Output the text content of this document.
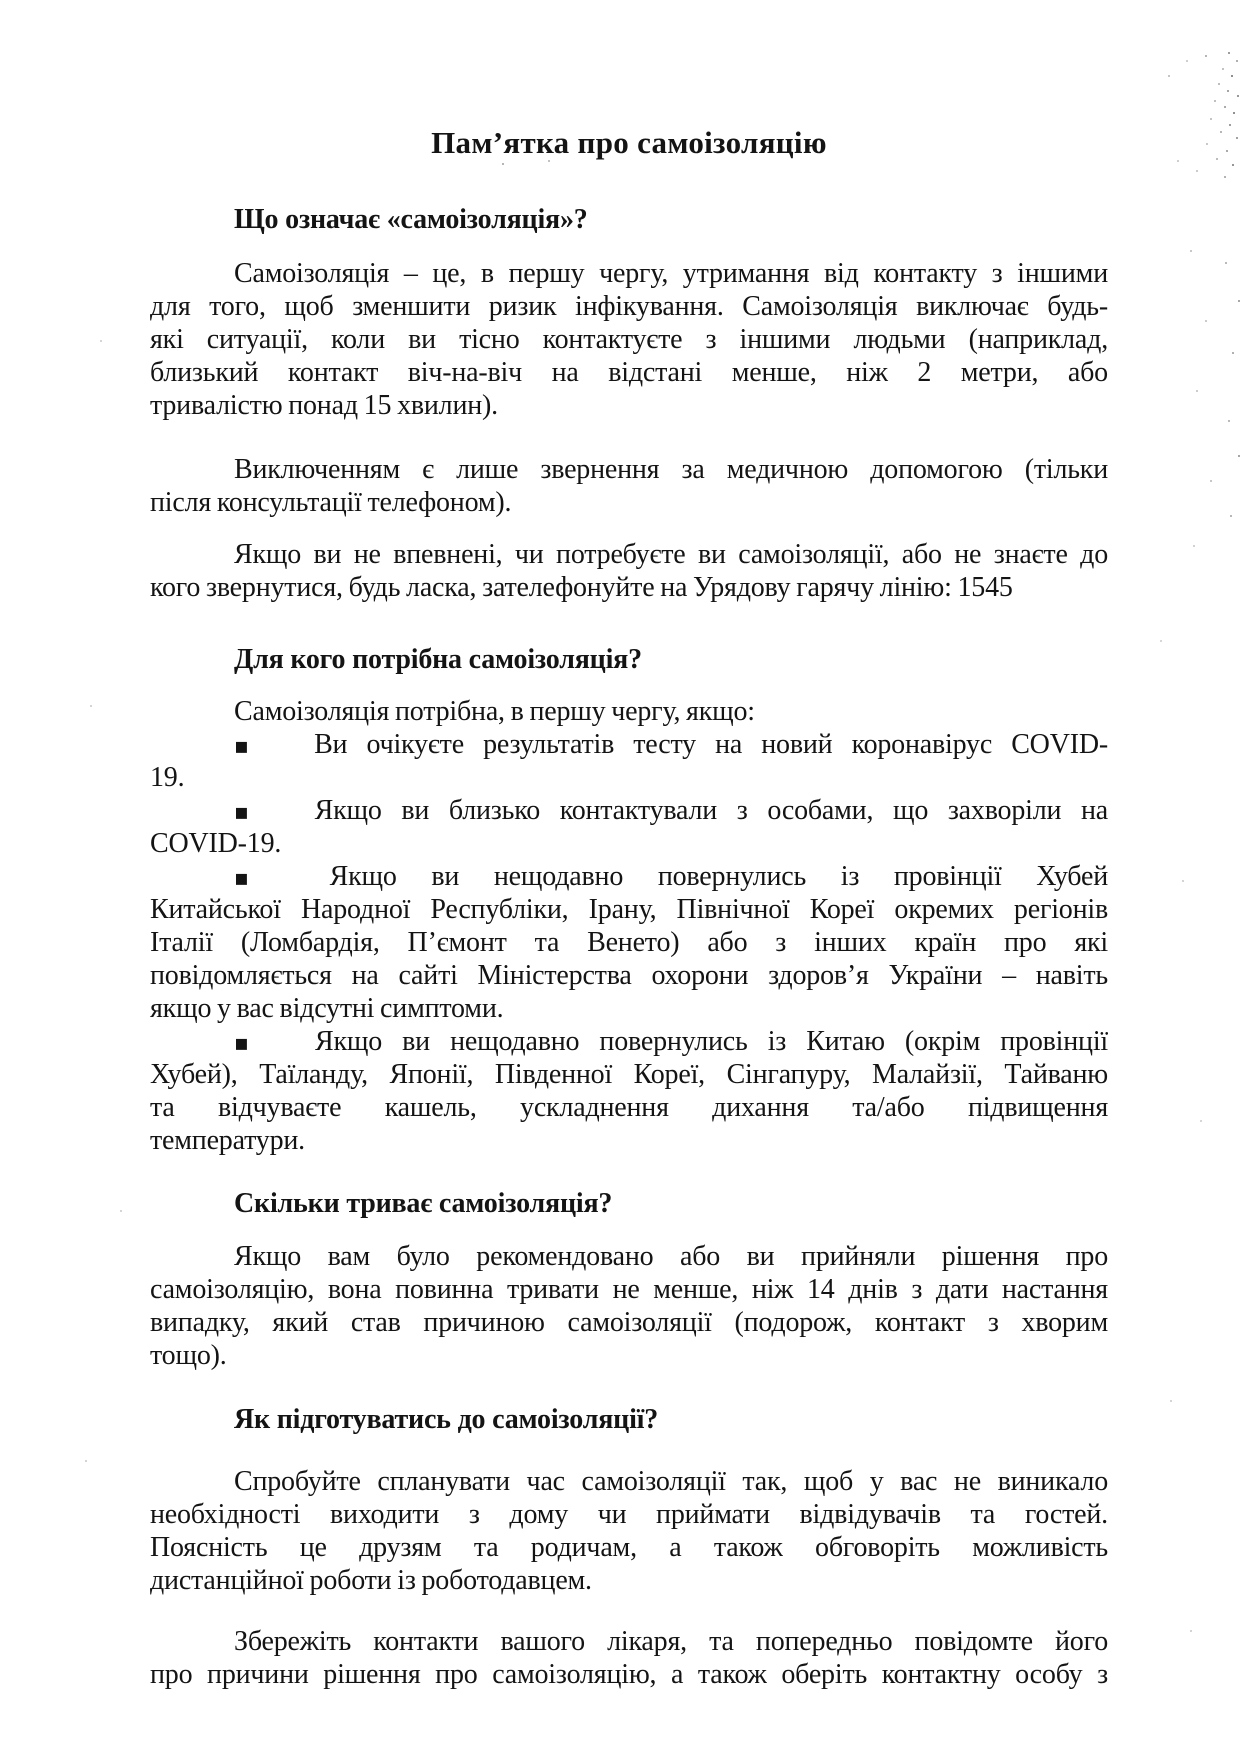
Пам’ятка про самоізоляцію
Що означає «самоізоляція»?
Самоізоляція – це, в першу чергу, утримання від контакту з іншими
для того, щоб зменшити ризик інфікування. Самоізоляція виключає будь-
які ситуації, коли ви тісно контактуєте з іншими людьми (наприклад,
близький контакт віч-на-віч на відстані менше, ніж 2 метри, або
тривалістю понад 15 хвилин).
Виключенням є лише звернення за медичною допомогою (тільки
після консультації телефоном).
Якщо ви не впевнені, чи потребуєте ви самоізоляції, або не знаєте до
кого звернутися, будь ласка, зателефонуйте на Урядову гарячу лінію: 1545
Для кого потрібна самоізоляція?
Самоізоляція потрібна, в першу чергу, якщо:
▪ Ви очікуєте результатів тесту на новий коронавірус COVID-
19.
▪ Якщо ви близько контактували з особами, що захворіли на
COVID-19.
▪ Якщо ви нещодавно повернулись із провінції Хубей
Китайської Народної Республіки, Ірану, Північної Кореї окремих регіонів
Італії (Ломбардія, П’ємонт та Венето) або з інших країн про які
повідомляється на сайті Міністерства охорони здоров’я України – навіть
якщо у вас відсутні симптоми.
▪ Якщо ви нещодавно повернулись із Китаю (окрім провінції
Хубей), Таїланду, Японії, Південної Кореї, Сінгапуру, Малайзії, Тайваню
та відчуваєте кашель, ускладнення дихання та/або підвищення
температури.
Скільки триває самоізоляція?
Якщо вам було рекомендовано або ви прийняли рішення про
самоізоляцію, вона повинна тривати не менше, ніж 14 днів з дати настання
випадку, який став причиною самоізоляції (подорож, контакт з хворим
тощо).
Як підготуватись до самоізоляції?
Спробуйте спланувати час самоізоляції так, щоб у вас не виникало
необхідності виходити з дому чи приймати відвідувачів та гостей.
Поясність це друзям та родичам, а також обговоріть можливість
дистанційної роботи із роботодавцем.
Збережіть контакти вашого лікаря, та попередньо повідомте його
про причини рішення про самоізоляцію, а також оберіть контактну особу з
